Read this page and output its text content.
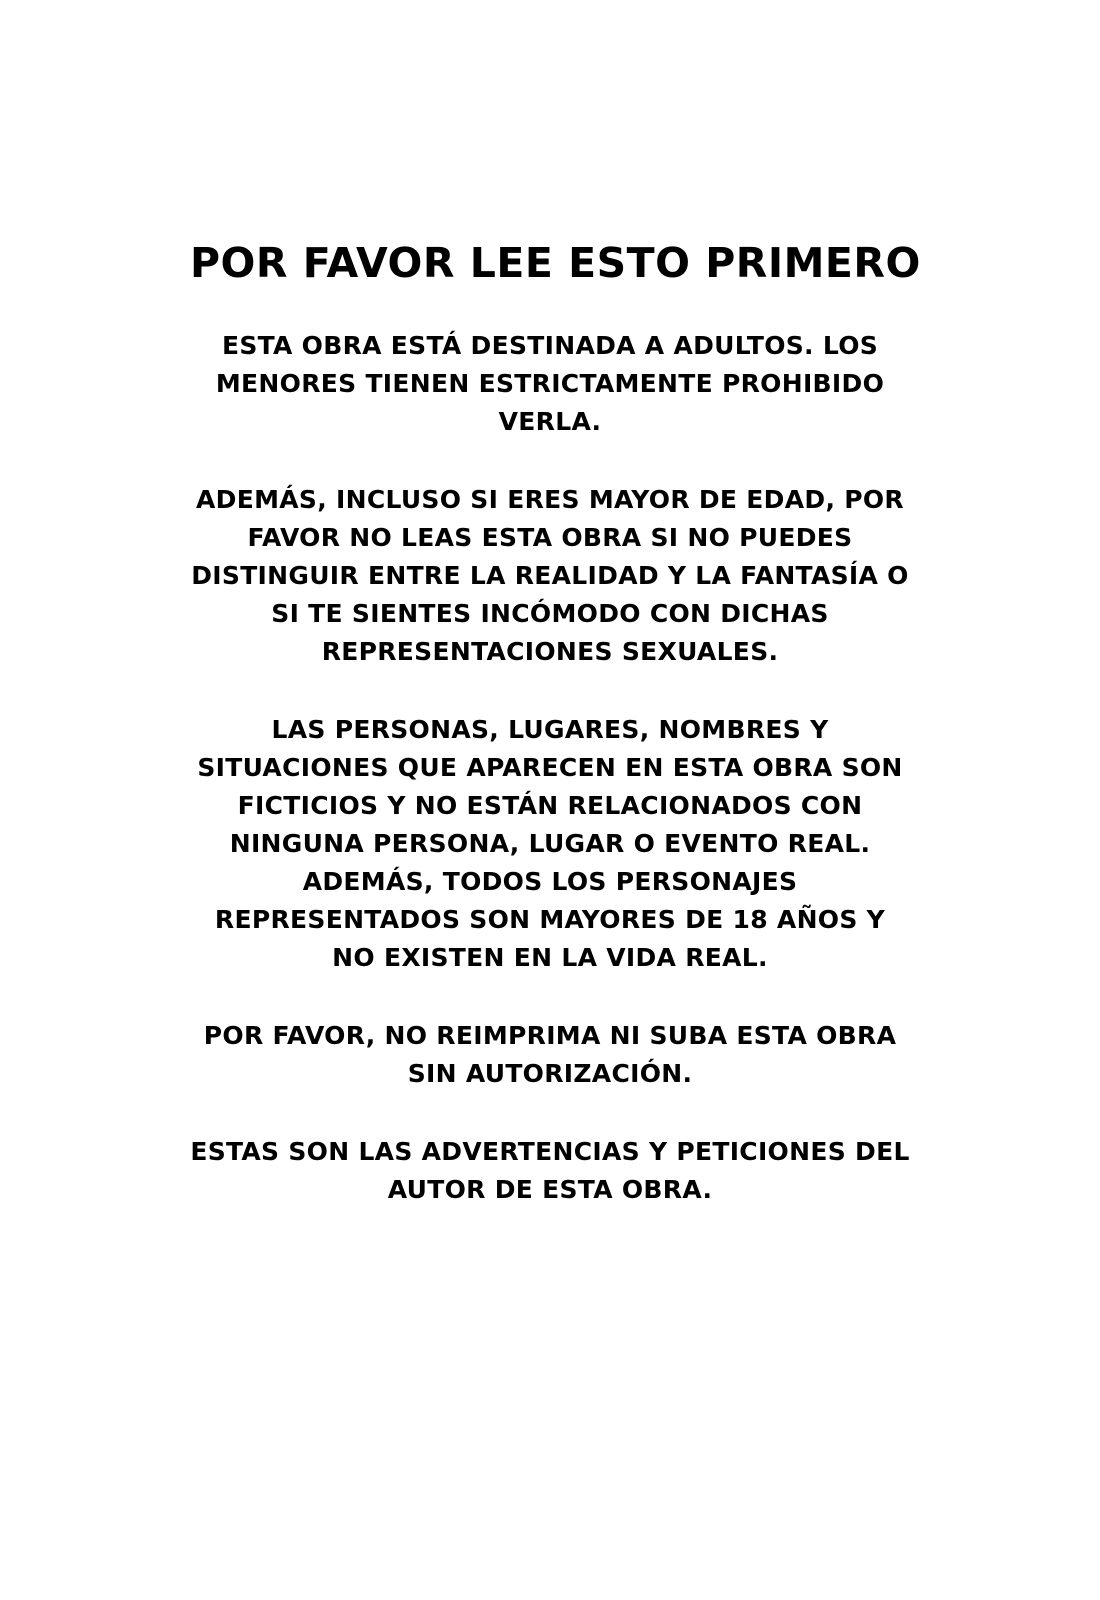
POR FAVOR LEE ESTO PRIMERO

ESTA OBRA ESTÁ DESTINADA A ADULTOS. LOS MENORES TIENEN ESTRICTAMENTE PROHIBIDO VERLA.

ADEMÁS, INCLUSO SI ERES MAYOR DE EDAD, POR FAVOR NO LEAS ESTA OBRA SI NO PUEDES DISTINGUIR ENTRE LA REALIDAD Y LA FANTASÍA O SI TE SIENTES INCÓMODO CON DICHAS REPRESENTACIONES SEXUALES.

LAS PERSONAS, LUGARES, NOMBRES Y SITUACIONES QUE APARECEN EN ESTA OBRA SON FICTICIOS Y NO ESTÁN RELACIONADOS CON NINGUNA PERSONA, LUGAR O EVENTO REAL. ADEMÁS, TODOS LOS PERSONAJES REPRESENTADOS SON MAYORES DE 18 AÑOS Y NO EXISTEN EN LA VIDA REAL.

POR FAVOR, NO REIMPRIMA NI SUBA ESTA OBRA SIN AUTORIZACIÓN.

ESTAS SON LAS ADVERTENCIAS Y PETICIONES DEL AUTOR DE ESTA OBRA.
